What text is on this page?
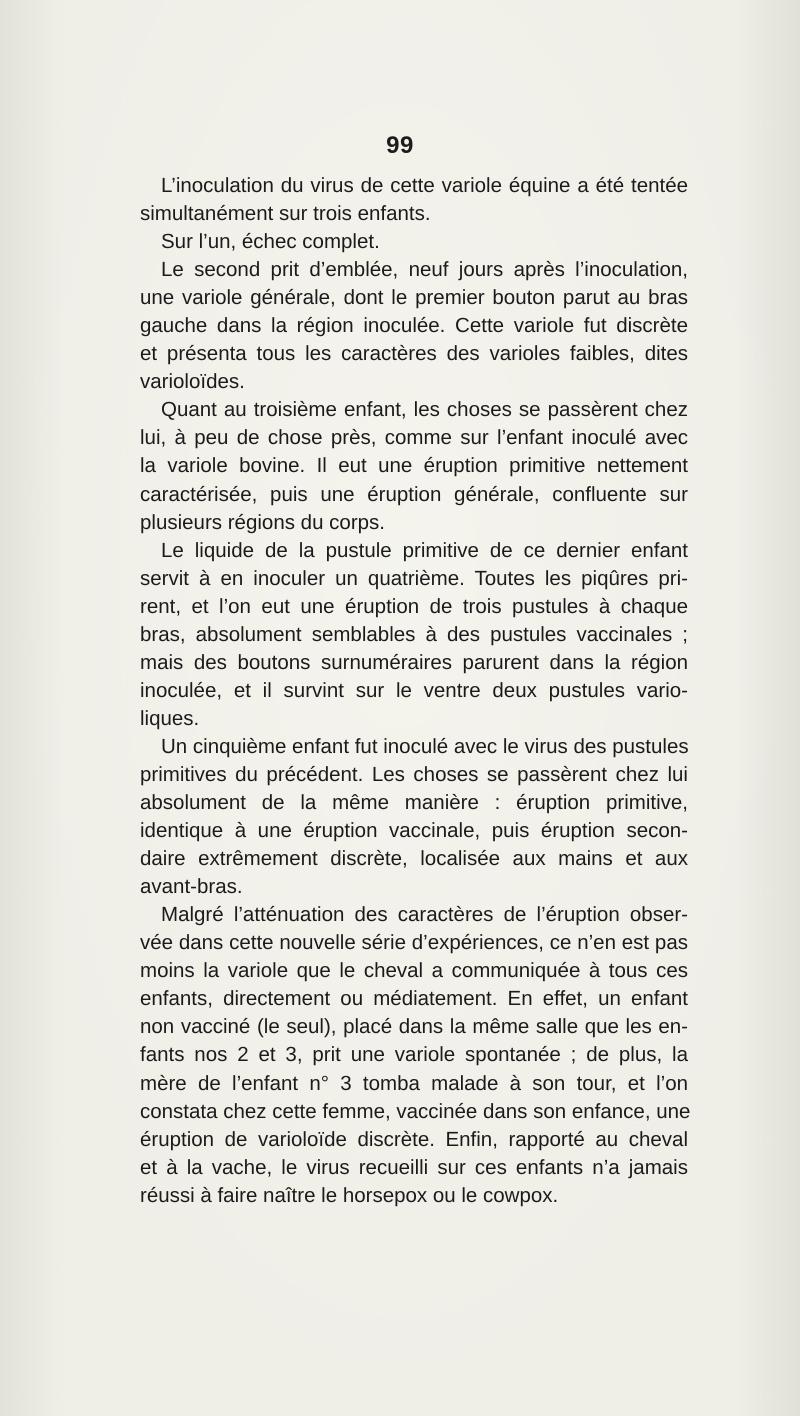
99
L’inoculation du virus de cette variole équine a été tentée
simultanément sur trois enfants.
Sur l’un, échec complet.
Le second prit d’emblée, neuf jours après l’inoculation,
une variole générale, dont le premier bouton parut au bras
gauche dans la région inoculée. Cette variole fut discrète
et présenta tous les caractères des varioles faibles, dites
varioloïdes.
Quant au troisième enfant, les choses se passèrent chez
lui, à peu de chose près, comme sur l’enfant inoculé avec
la variole bovine. Il eut une éruption primitive nettement
caractérisée, puis une éruption générale, confluente sur
plusieurs régions du corps.
Le liquide de la pustule primitive de ce dernier enfant
servit à en inoculer un quatrième. Toutes les piqûres pri-
rent, et l’on eut une éruption de trois pustules à chaque
bras, absolument semblables à des pustules vaccinales ;
mais des boutons surnuméraires parurent dans la région
inoculée, et il survint sur le ventre deux pustules vario-
liques.
Un cinquième enfant fut inoculé avec le virus des pustules
primitives du précédent. Les choses se passèrent chez lui
absolument de la même manière : éruption primitive,
identique à une éruption vaccinale, puis éruption secon-
daire extrêmement discrète, localisée aux mains et aux
avant-bras.
Malgré l’atténuation des caractères de l’éruption obser-
vée dans cette nouvelle série d’expériences, ce n’en est pas
moins la variole que le cheval a communiquée à tous ces
enfants, directement ou médiatement. En effet, un enfant
non vacciné (le seul), placé dans la même salle que les en-
fants nos 2 et 3, prit une variole spontanée ; de plus, la
mère de l’enfant n° 3 tomba malade à son tour, et l’on
constata chez cette femme, vaccinée dans son enfance, une
éruption de varioloïde discrète. Enfin, rapporté au cheval
et à la vache, le virus recueilli sur ces enfants n’a jamais
réussi à faire naître le horsepox ou le cowpox.
